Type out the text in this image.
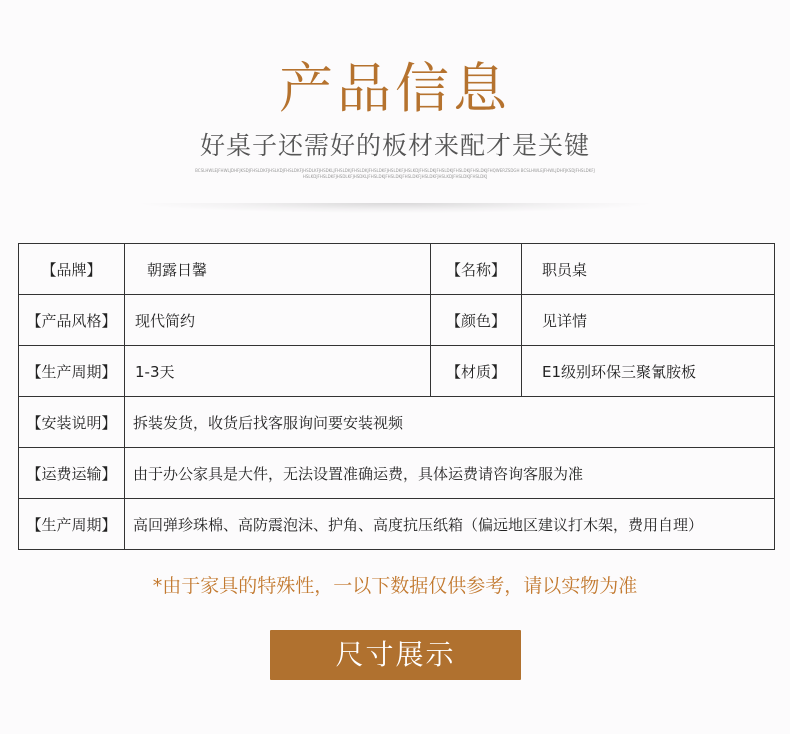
产品信息
好桌子还需好的板材来配才是关键
BCSLHWLEJFHWLJDHFJKSDJFHSLDKFJHSLKDJFHSLDKFJHSDLKFJHSDKLJFHSLDKJFHSLDKJFHSLDKFJHSLDKFJHSLKDJFHSLDKJFHSLDKJFHSLDKJFHSLDKJFHQWERZSDGH BCSLHWLEJFHWLJDHFJKSDJFHSLDKFJHSLKDJFHSLDKFJHSDLKFJHSDKLJFHSLDKJFHSLDKJFHSLDKFJHSLDKFJHSLKDJFHSLDKJFHSLDKJ
【品牌】	朝露日馨	【名称】	职员桌
【产品风格】	现代简约	【颜色】	见详情
【生产周期】	1-3天	【材质】	E1级别环保三聚氰胺板
【安装说明】	拆装发货，收货后找客服询问要安装视频		
【运费运输】	由于办公家具是大件，无法设置准确运费，具体运费请咨询客服为准		
【生产周期】	高回弹珍珠棉、高防震泡沫、护角、高度抗压纸箱（偏远地区建议打木架，费用自理）		
*由于家具的特殊性，一以下数据仅供参考，请以实物为准
尺寸展示
